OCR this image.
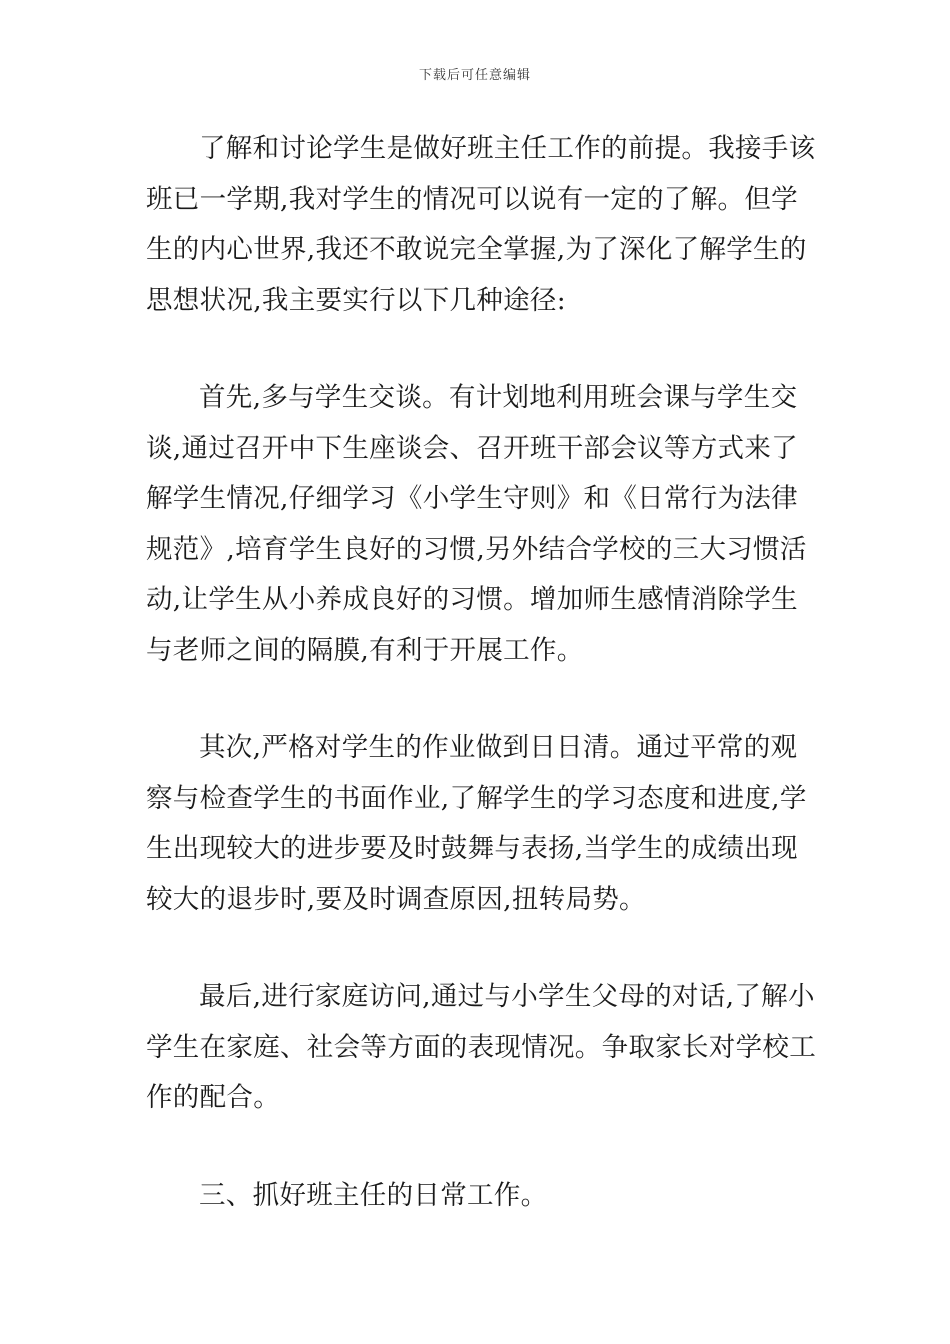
下载后可任意编辑

了解和讨论学生是做好班主任工作的前提。我接手该班已一学期,我对学生的情况可以说有一定的了解。但学生的内心世界,我还不敢说完全掌握,为了深化了解学生的思想状况,我主要实行以下几种途径:

首先,多与学生交谈。有计划地利用班会课与学生交谈,通过召开中下生座谈会、召开班干部会议等方式来了解学生情况,仔细学习《小学生守则》和《日常行为法律规范》,培育学生良好的习惯,另外结合学校的三大习惯活动,让学生从小养成良好的习惯。增加师生感情消除学生与老师之间的隔膜,有利于开展工作。

其次,严格对学生的作业做到日日清。通过平常的观察与检查学生的书面作业,了解学生的学习态度和进度,学生出现较大的进步要及时鼓舞与表扬,当学生的成绩出现较大的退步时,要及时调查原因,扭转局势。

最后,进行家庭访问,通过与小学生父母的对话,了解小学生在家庭、社会等方面的表现情况。争取家长对学校工作的配合。

三、抓好班主任的日常工作。
